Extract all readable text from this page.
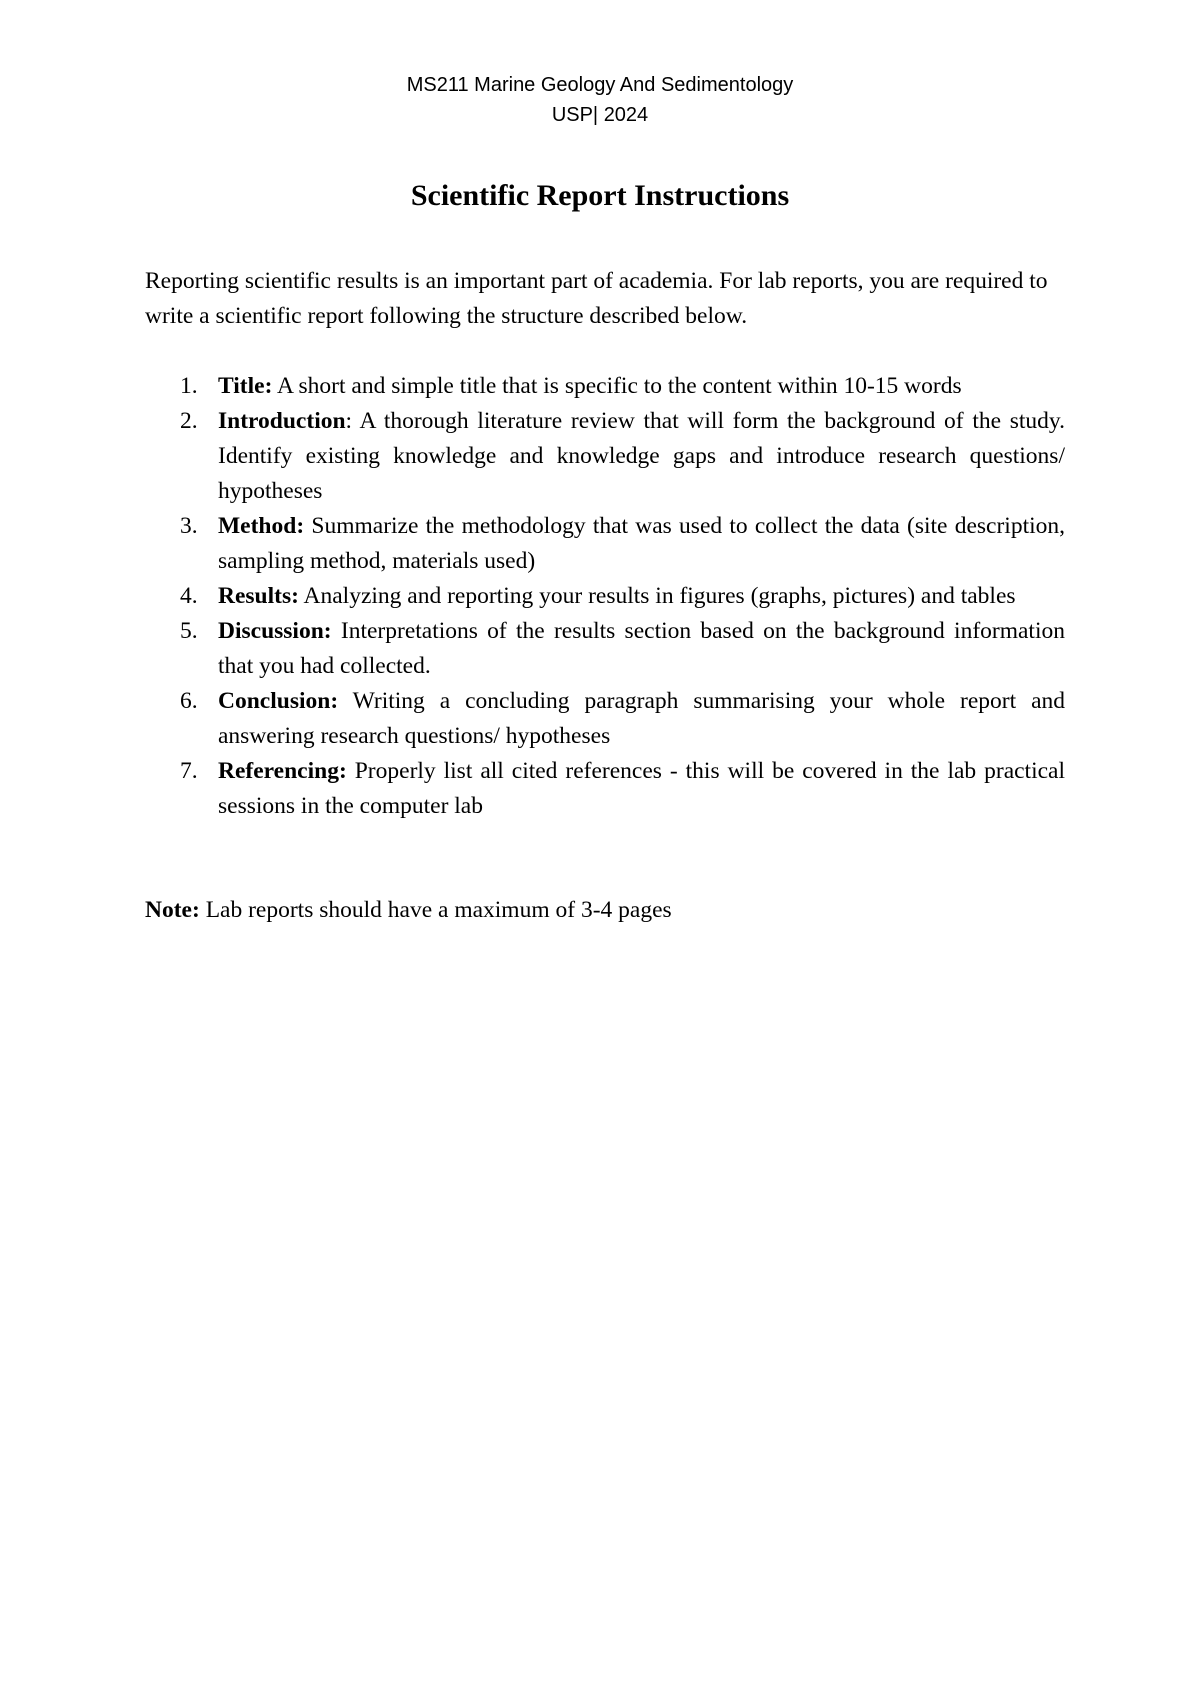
MS211 Marine Geology And Sedimentology
USP| 2024
Scientific Report Instructions
Reporting scientific results is an important part of academia. For lab reports, you are required to write a scientific report following the structure described below.
1. Title: A short and simple title that is specific to the content within 10-15 words
2. Introduction: A thorough literature review that will form the background of the study. Identify existing knowledge and knowledge gaps and introduce research questions/ hypotheses
3. Method: Summarize the methodology that was used to collect the data (site description, sampling method, materials used)
4. Results: Analyzing and reporting your results in figures (graphs, pictures) and tables
5. Discussion: Interpretations of the results section based on the background information that you had collected.
6. Conclusion: Writing a concluding paragraph summarising your whole report and answering research questions/ hypotheses
7. Referencing: Properly list all cited references - this will be covered in the lab practical sessions in the computer lab
Note: Lab reports should have a maximum of 3-4 pages
